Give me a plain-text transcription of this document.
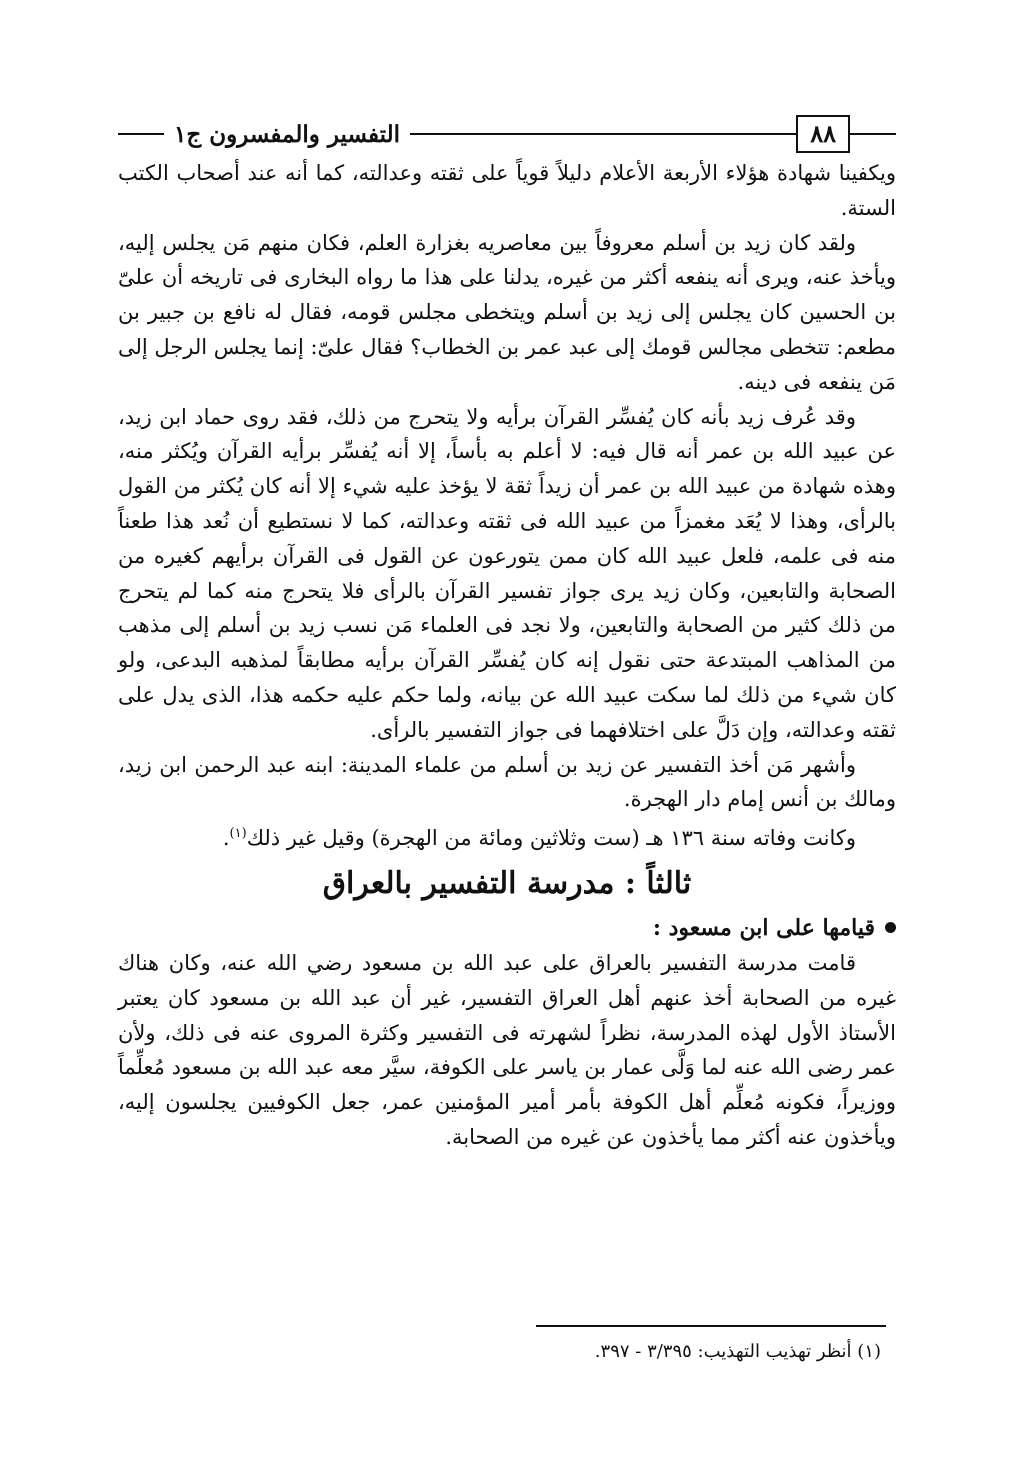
التفسير والمفسرون ج١	٨٨

ويكفينا شهادة هؤلاء الأربعة الأعلام دليلاً قوياً على ثقته وعدالته، كما أنه عند أصحاب الكتب الستة.

ولقد كان زيد بن أسلم معروفاً بين معاصريه بغزارة العلم، فكان منهم مَن يجلس إليه، ويأخذ عنه، ويرى أنه ينفعه أكثر من غيره، يدلنا على هذا ما رواه البخارى فى تاريخه أن علىّ بن الحسين كان يجلس إلى زيد بن أسلم ويتخطى مجلس قومه، فقال له نافع بن جبير بن مطعم: تتخطى مجالس قومك إلى عبد عمر بن الخطاب؟ فقال علىّ: إنما يجلس الرجل إلى مَن ينفعه فى دينه.

وقد عُرف زيد بأنه كان يُفسِّر القرآن برأيه ولا يتحرج من ذلك، فقد روى حماد ابن زيد، عن عبيد الله بن عمر أنه قال فيه: لا أعلم به بأساً، إلا أنه يُفسِّر برأيه القرآن ويُكثر منه، وهذه شهادة من عبيد الله بن عمر أن زيداً ثقة لا يؤخذ عليه شيء إلا أنه كان يُكثر من القول بالرأى، وهذا لا يُعَد مغمزاً من عبيد الله فى ثقته وعدالته، كما لا نستطيع أن نُعد هذا طعناً منه فى علمه، فلعل عبيد الله كان ممن يتورعون عن القول فى القرآن برأيهم كغيره من الصحابة والتابعين، وكان زيد يرى جواز تفسير القرآن بالرأى فلا يتحرج منه كما لم يتحرج من ذلك كثير من الصحابة والتابعين، ولا نجد فى العلماء مَن نسب زيد بن أسلم إلى مذهب من المذاهب المبتدعة حتى نقول إنه كان يُفسِّر القرآن برأيه مطابقاً لمذهبه البدعى، ولو كان شيء من ذلك لما سكت عبيد الله عن بيانه، ولما حكم عليه حكمه هذا، الذى يدل على ثقته وعدالته، وإن دَلَّ على اختلافهما فى جواز التفسير بالرأى.

وأشهر مَن أخذ التفسير عن زيد بن أسلم من علماء المدينة: ابنه عبد الرحمن ابن زيد، ومالك بن أنس إمام دار الهجرة.

وكانت وفاته سنة ١٣٦ هـ (ست وثلاثين ومائة من الهجرة) وقيل غير ذلك$^{(١)}$.

ثالثاً : مدرسة التفسير بالعراق
قيامها على ابن مسعود :

قامت مدرسة التفسير بالعراق على عبد الله بن مسعود رضي الله عنه، وكان هناك غيره من الصحابة أخذ عنهم أهل العراق التفسير، غير أن عبد الله بن مسعود كان يعتبر الأستاذ الأول لهذه المدرسة، نظراً لشهرته فى التفسير وكثرة المروى عنه فى ذلك، ولأن عمر رضى الله عنه لما وَلَّى عمار بن ياسر على الكوفة، سيَّر معه عبد الله بن مسعود مُعلِّماً ووزيراً، فكونه مُعلِّم أهل الكوفة بأمر أمير المؤمنين عمر، جعل الكوفيين يجلسون إليه، ويأخذون عنه أكثر مما يأخذون عن غيره من الصحابة.

(١) أنظر تهذيب التهذيب: ٣/٣٩٥ - ٣٩٧.
